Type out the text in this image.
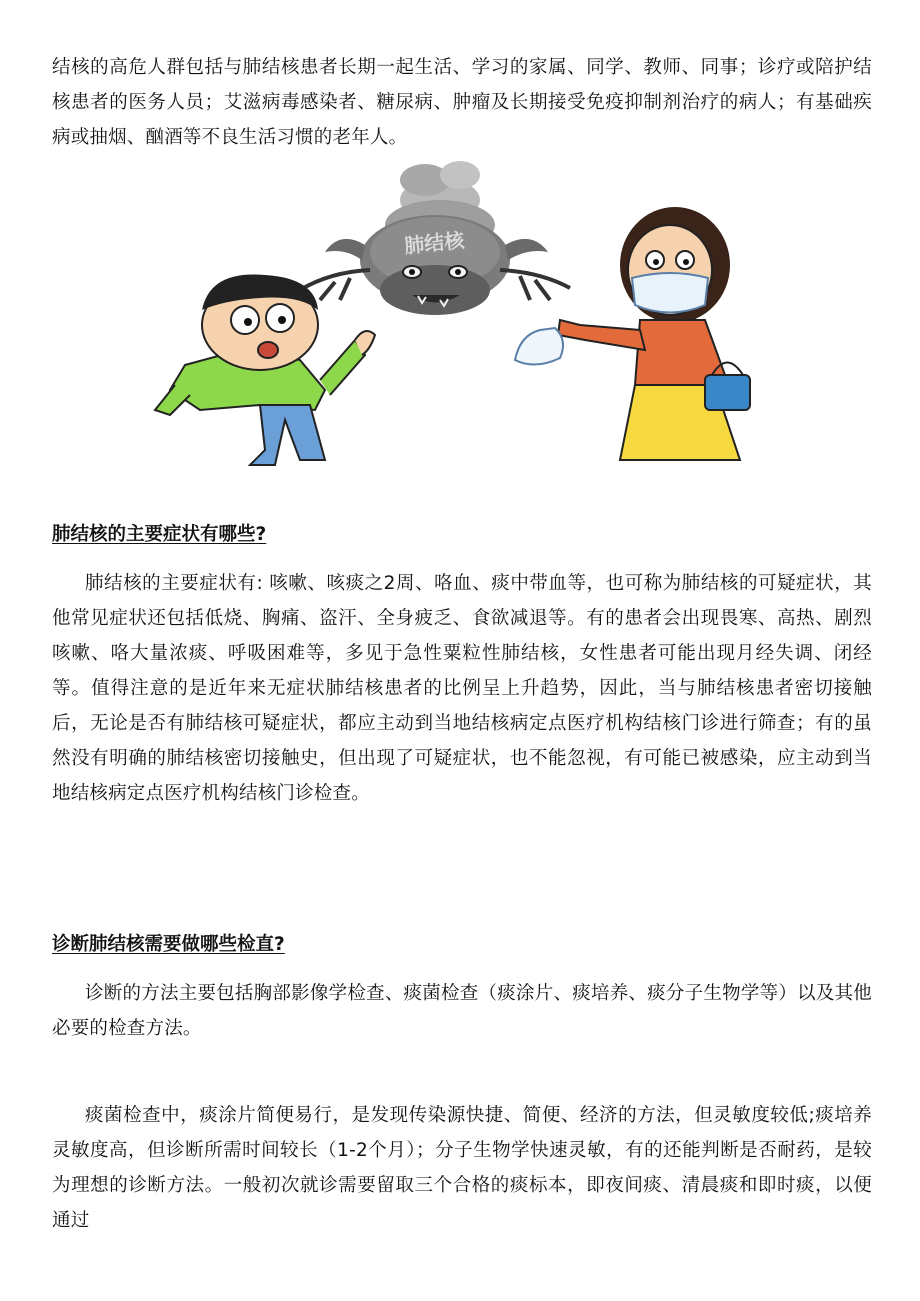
结核的高危人群包括与肺结核患者长期一起生活、学习的家属、同学、教师、同事；诊疗或陪护结核患者的医务人员；艾滋病毒感染者、糖尿病、肿瘤及长期接受免疫抑制剂治疗的病人；有基础疾病或抽烟、酗酒等不良生活习惯的老年人。

肺结核

肺结核的主要症状有哪些?

肺结核的主要症状有: 咳嗽、咳痰之2周、咯血、痰中带血等，也可称为肺结核的可疑症状，其他常见症状还包括低烧、胸痛、盗汗、全身疲乏、食欲减退等。有的患者会出现畏寒、高热、剧烈咳嗽、咯大量浓痰、呼吸困难等，多见于急性粟粒性肺结核，女性患者可能出现月经失调、闭经等。值得注意的是近年来无症状肺结核患者的比例呈上升趋势，因此，当与肺结核患者密切接触后，无论是否有肺结核可疑症状，都应主动到当地结核病定点医疗机构结核门诊进行筛查；有的虽然没有明确的肺结核密切接触史，但出现了可疑症状，也不能忽视，有可能已被感染，应主动到当地结核病定点医疗机构结核门诊检查。

诊断肺结核需要做哪些检直?

诊断的方法主要包括胸部影像学检查、痰菌检查（痰涂片、痰培养、痰分子生物学等）以及其他必要的检查方法。

痰菌检查中，痰涂片简便易行，是发现传染源快捷、简便、经济的方法，但灵敏度较低;痰培养灵敏度高，但诊断所需时间较长（1-2个月）；分子生物学快速灵敏，有的还能判断是否耐药，是较为理想的诊断方法。一般初次就诊需要留取三个合格的痰标本，即夜间痰、清晨痰和即时痰，以便通过
